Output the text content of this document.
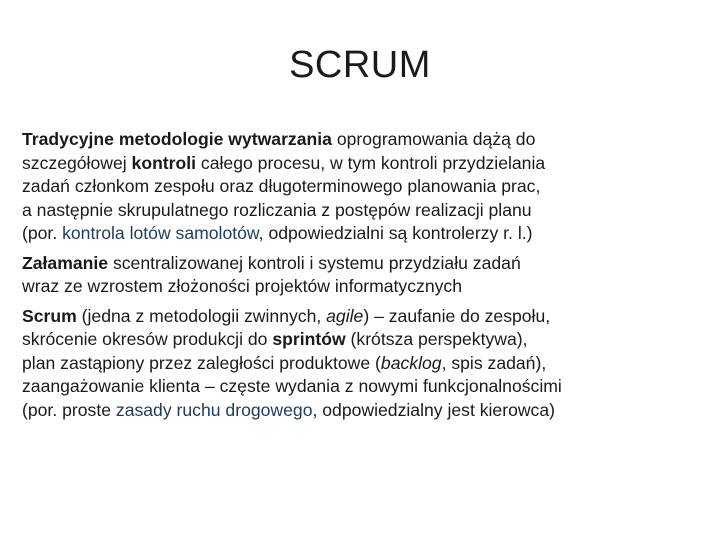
SCRUM
Tradycyjne metodologie wytwarzania oprogramowania dążą do
szczegółowej kontroli całego procesu, w tym kontroli przydzielania
zadań członkom zespołu oraz długoterminowego planowania prac,
a następnie skrupulatnego rozliczania z postępów realizacji planu
(por. kontrola lotów samolotów, odpowiedzialni są kontrolerzy r. l.)
Załamanie scentralizowanej kontroli i systemu przydziału zadań
wraz ze wzrostem złożoności projektów informatycznych
Scrum (jedna z metodologii zwinnych, agile) – zaufanie do zespołu,
skrócenie okresów produkcji do sprintów (krótsza perspektywa),
plan zastąpiony przez zaległości produktowe (backlog, spis zadań),
zaangażowanie klienta – częste wydania z nowymi funkcjonalnościmi
(por. proste zasady ruchu drogowego, odpowiedzialny jest kierowca)
